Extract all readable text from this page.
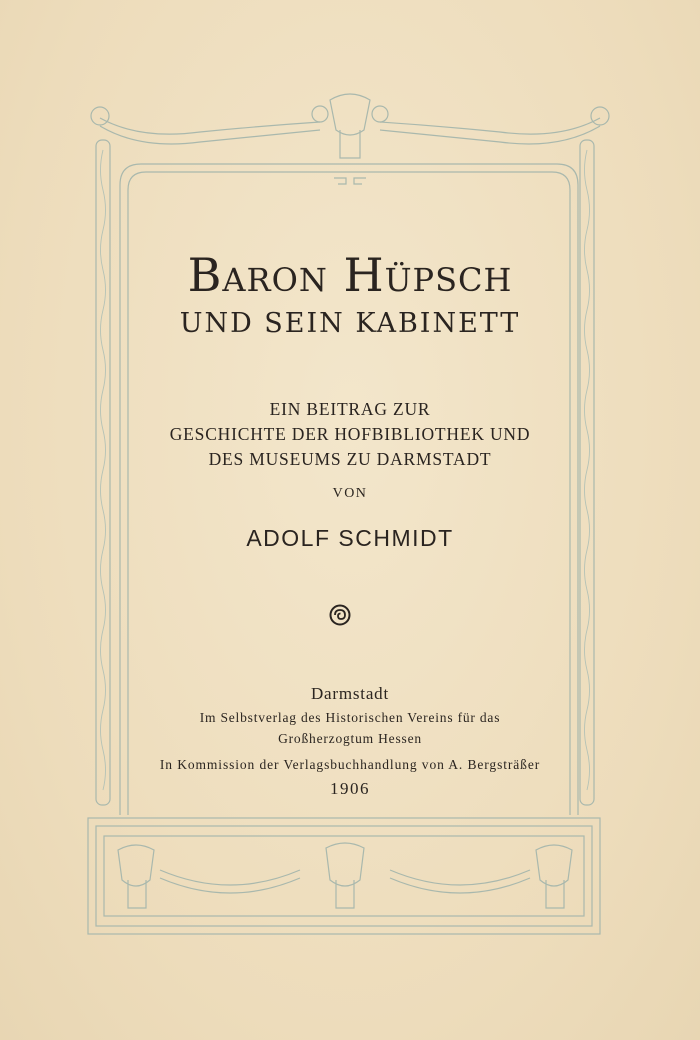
Baron Hüpsch
UND SEIN KABINETT
EIN BEITRAG ZUR
GESCHICHTE DER HOFBIBLIOTHEK UND
DES MUSEUMS ZU DARMSTADT
VON
ADOLF SCHMIDT
Darmstadt
Im Selbstverlag des Historischen Vereins für das
Großherzogtum Hessen
In Kommission der Verlagsbuchhandlung von A. Bergsträßer
1906
